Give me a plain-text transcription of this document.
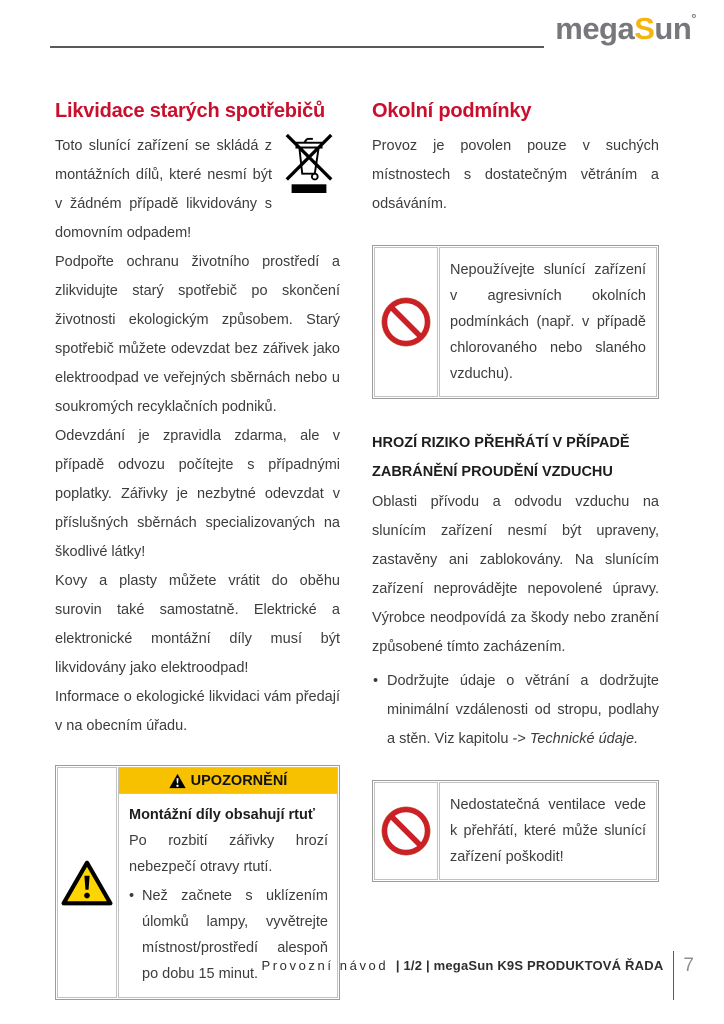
megaSun°
Likvidace starých spotřebičů

Toto slunící zařízení se skládá z montážních dílů, které nesmí být v žádném případě likvidovány s domovním odpadem!

Podpořte ochranu životního prostředí a zlikvidujte starý spotřebič po skončení životnosti ekologickým způsobem. Starý spotřebič můžete odevzdat bez zářivek jako elektroodpad ve veřejných sběrnách nebo u soukromých recyklačních podniků.

Odevzdání je zpravidla zdarma, ale v případě odvozu počítejte s případnými poplatky. Zářivky je nezbytné odevzdat v příslušných sběrnách specializovaných na škodlivé látky!

Kovy a plasty můžete vrátit do oběhu surovin také samostatně. Elektrické a elektronické montážní díly musí být likvidovány jako elektroodpad!

Informace o ekologické likvidaci vám předají v na obecním úřadu.

UPOZORNĚNÍ
Montážní díly obsahují rtuť
Po rozbití zářivky hrozí nebezpečí otravy rtutí.
• Než začnete s uklízením úlomků lampy, vyvětrejte místnost/prostředí alespoň po dobu 15 minut.
Okolní podmínky

Provoz je povolen pouze v suchých místnostech s dostatečným větráním a odsáváním.

Nepoužívejte slunící zařízení v agresivních okolních podmínkách (např. v případě chlorovaného nebo slaného vzduchu).
HROZÍ RIZIKO PŘEHŘÁTÍ V PŘÍPADĚ ZABRÁNĚNÍ PROUDĚNÍ VZDUCHU

Oblasti přívodu a odvodu vzduchu na slunícím zařízení nesmí být upraveny, zastavěny ani zablokovány. Na slunícím zařízení neprovádějte nepovolené úpravy. Výrobce neodpovídá za škody nebo zranění způsobené tímto zacházením.

• Dodržujte údaje o větrání a dodržujte minimální vzdálenosti od stropu, podlahy a stěn. Viz kapitolu -> Technické údaje.
Nedostatečná ventilace vede k přehřátí, které může slunící zařízení poškodit!
Provozní návod | 1/2 | megaSun K9S PRODUKTOVÁ ŘADA 7
